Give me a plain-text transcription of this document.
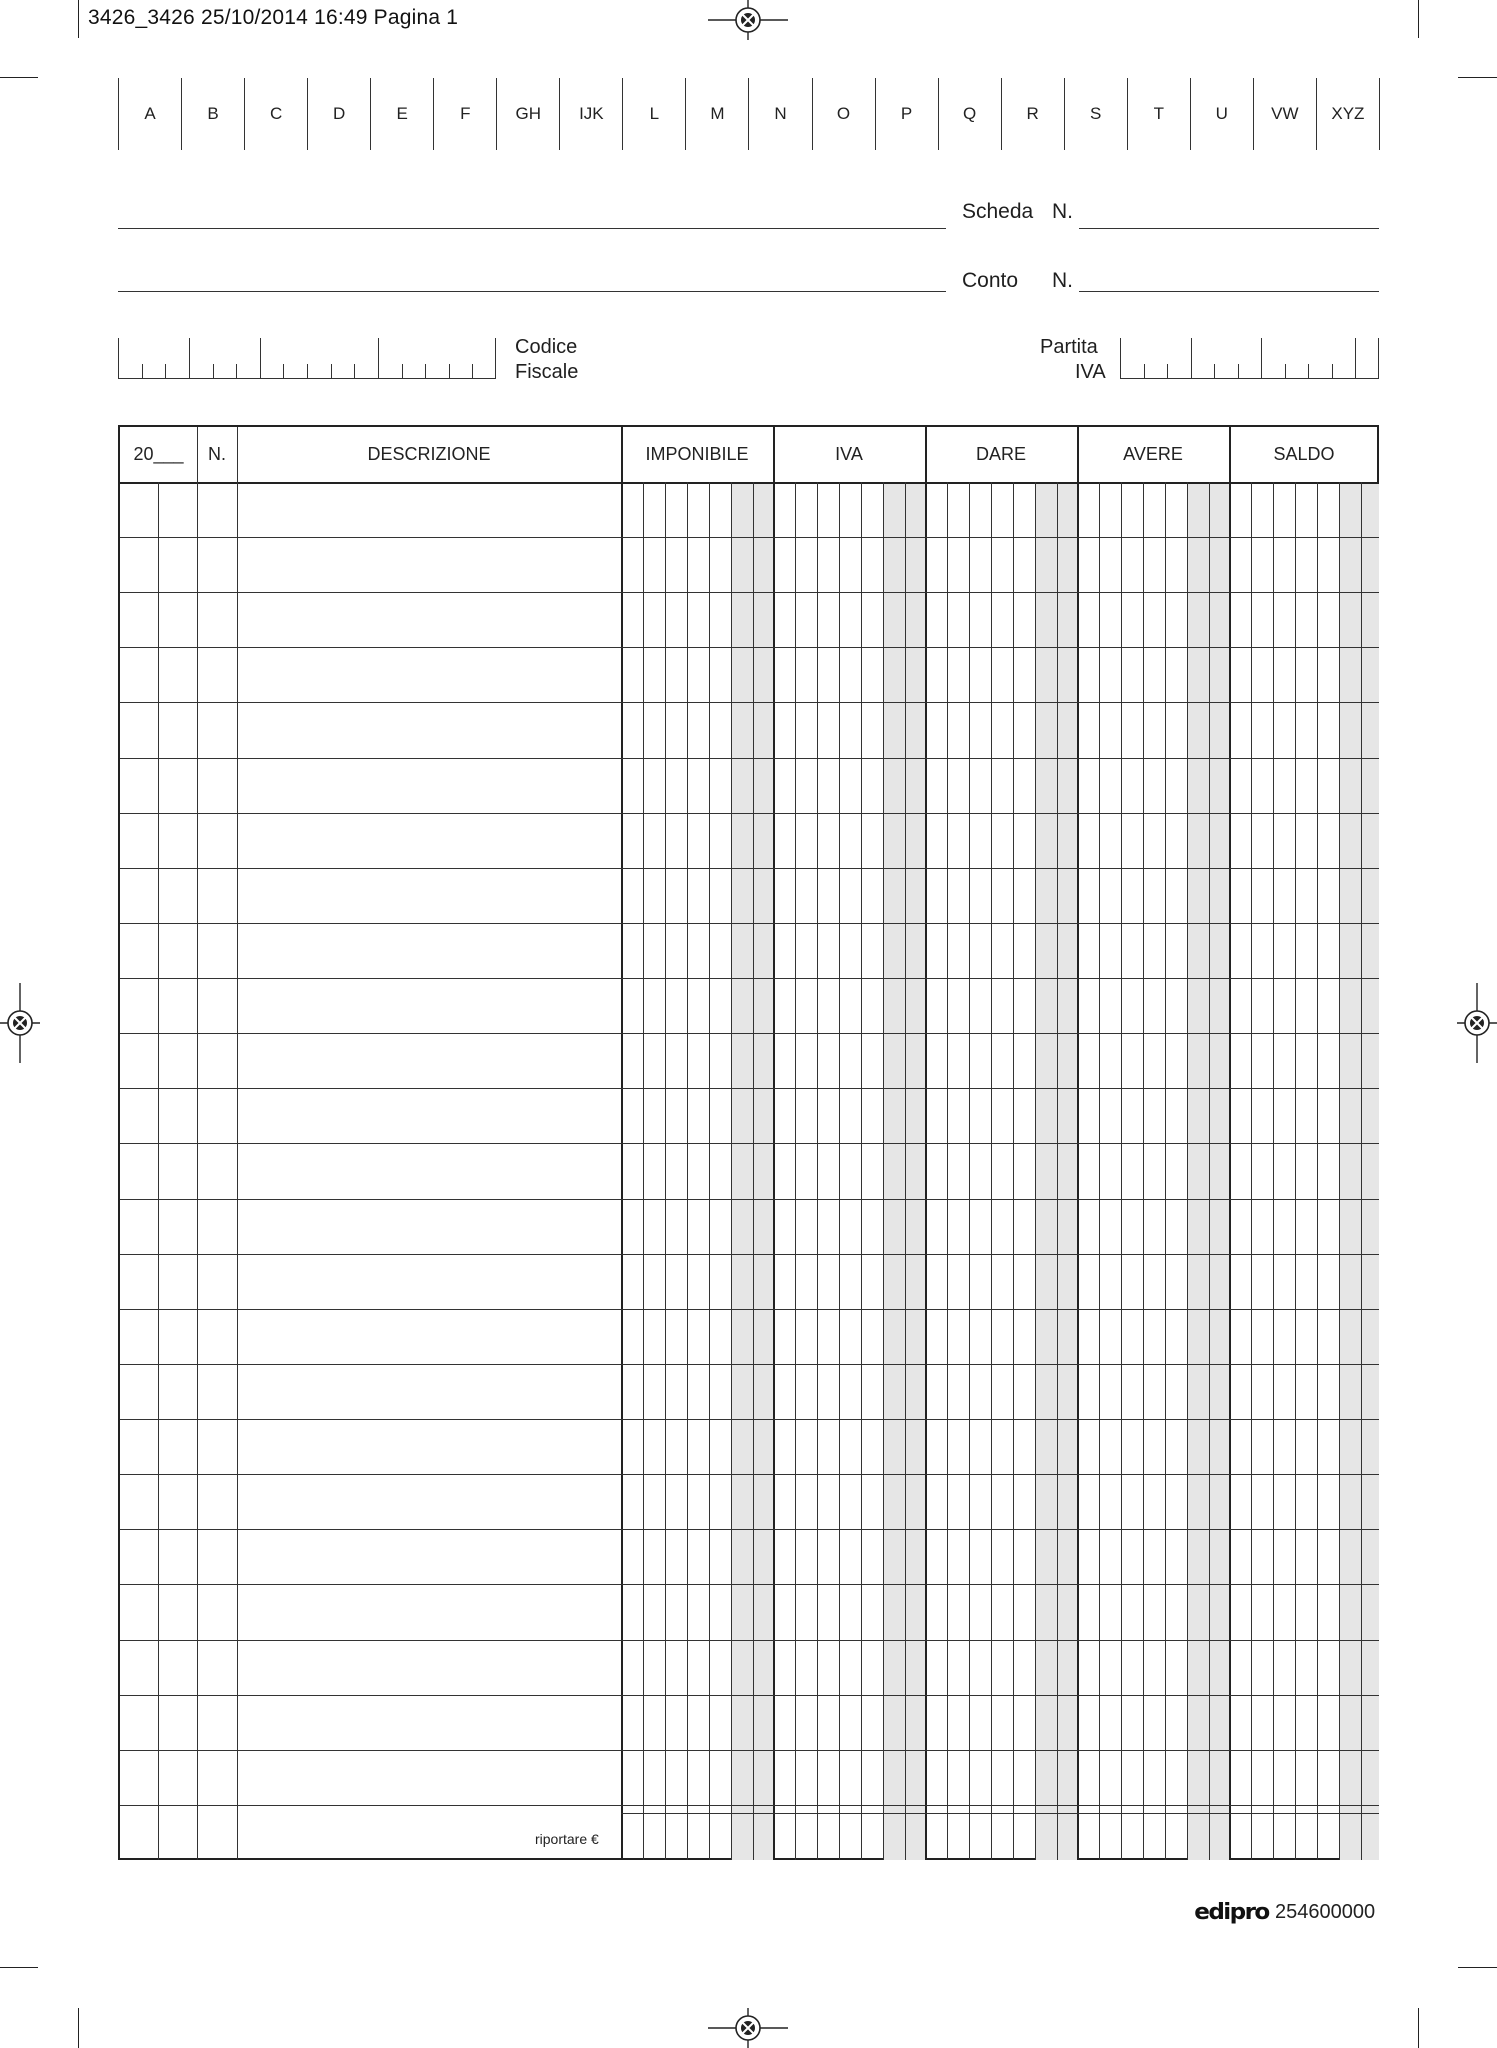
3426_3426 25/10/2014 16:49 Pagina 1
A	B	C	D	E	F	GH	IJK	L	M	N	O	P	Q	R	S	T	U	VW	XYZ
Scheda N.
Conto N.
Codice
Fiscale
Partita
IVA
20___	N.	DESCRIZIONE	IMPONIBILE	IVA	DARE	AVERE	SALDO
riportare €
edipro 254600000
